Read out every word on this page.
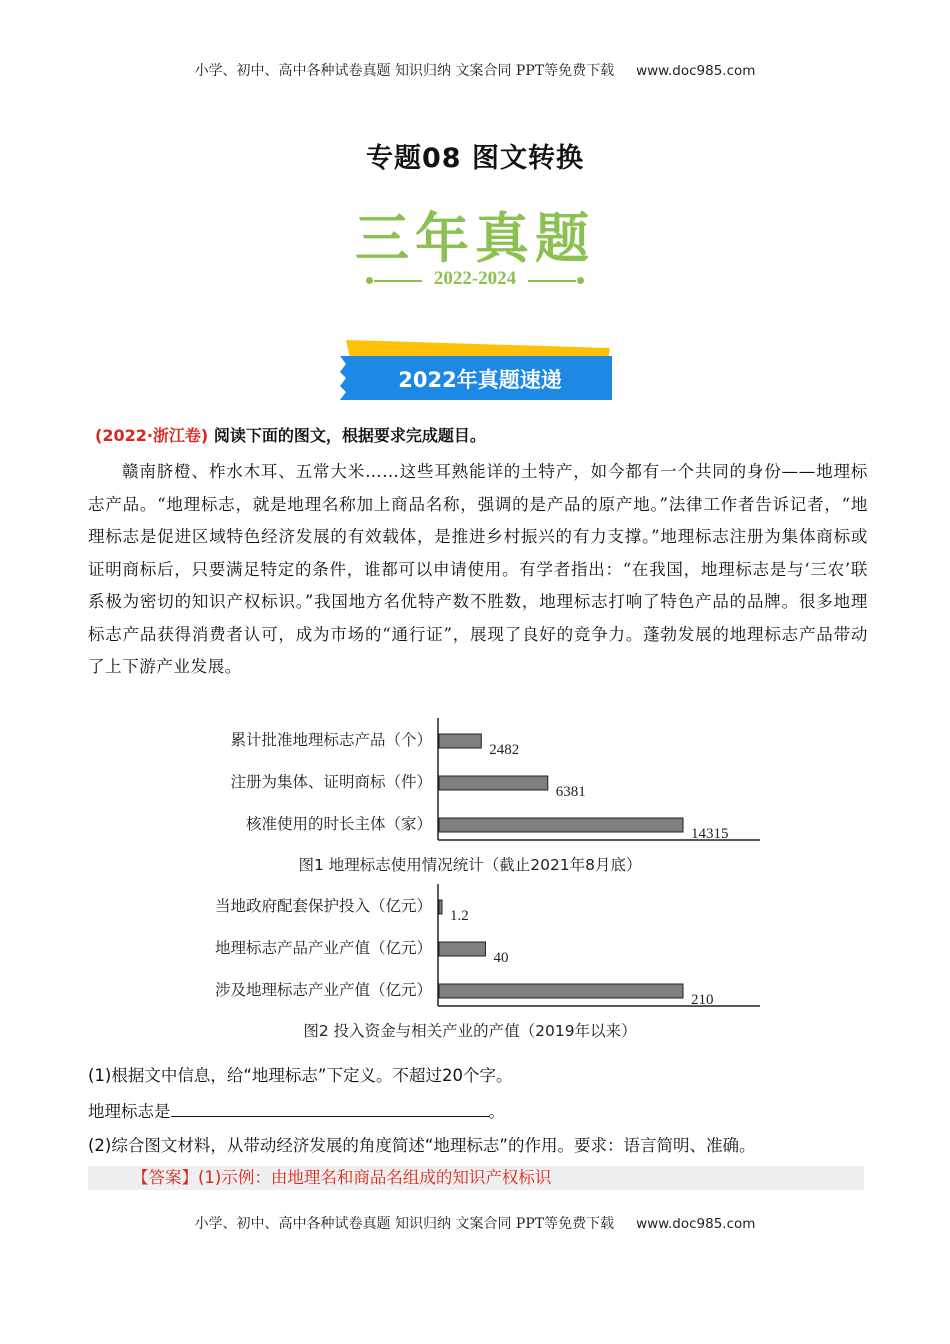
小学、初中、高中各种试卷真题 知识归纳 文案合同 PPT等免费下载 www.doc985.com
专题08 图文转换
三年真题
2022-2024
2022年真题速递
(2022·浙江卷) 阅读下面的图文，根据要求完成题目。
赣南脐橙、柞水木耳、五常大米……这些耳熟能详的土特产，如今都有一个共同的身份——地理标志产品。“地理标志，就是地理名称加上商品名称，强调的是产品的原产地。”法律工作者告诉记者，“地理标志是促进区域特色经济发展的有效载体，是推进乡村振兴的有力支撑。”地理标志注册为集体商标或证明商标后，只要满足特定的条件，谁都可以申请使用。有学者指出：“在我国，地理标志是与‘三农’联系极为密切的知识产权标识。”我国地方名优特产数不胜数，地理标志打响了特色产品的品牌。很多地理标志产品获得消费者认可，成为市场的“通行证”，展现了良好的竞争力。蓬勃发展的地理标志产品带动了上下游产业发展。
累计批准地理标志产品（个）
2482
注册为集体、证明商标（件）
6381
核准使用的时长主体（家）
14315
图1 地理标志使用情况统计（截止2021年8月底）
当地政府配套保护投入（亿元）
1.2
地理标志产品产业产值（亿元）
40
涉及地理标志产业产值（亿元）
210
图2 投入资金与相关产业的产值（2019年以来）
(1)根据文中信息，给“地理标志”下定义。不超过20个字。
地理标志是	。
(2)综合图文材料，从带动经济发展的角度简述“地理标志”的作用。要求：语言简明、准确。
【答案】(1)示例：由地理名和商品名组成的知识产权标识
小学、初中、高中各种试卷真题 知识归纳 文案合同 PPT等免费下载 www.doc985.com
